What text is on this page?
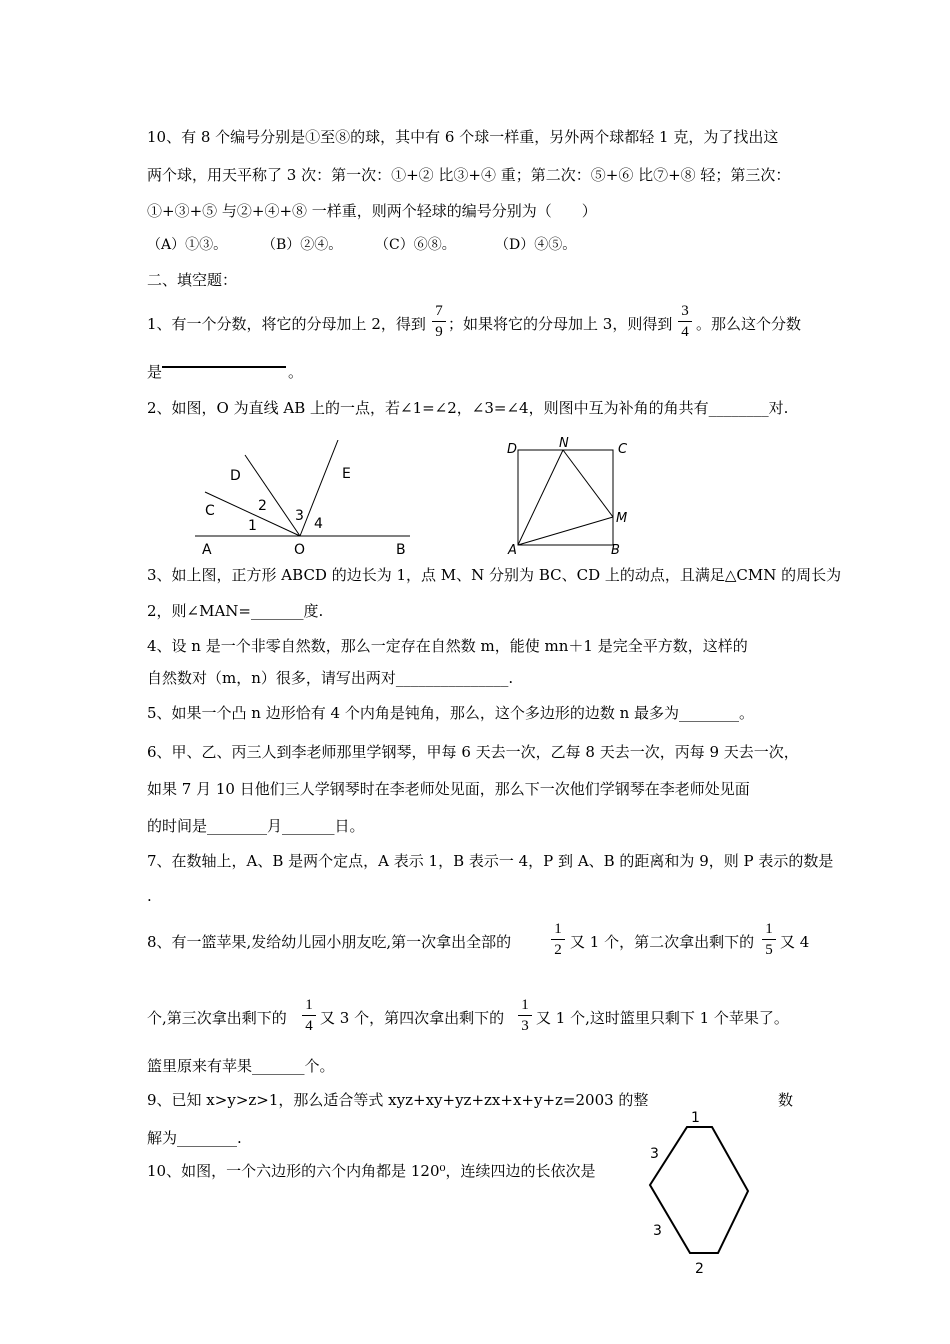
10、有 8 个编号分别是①至⑧的球，其中有 6 个球一样重，另外两个球都轻 1 克，为了找出这
两个球，用天平称了 3 次：第一次：①+② 比③+④ 重；第二次：⑤+⑥ 比⑦+⑧ 轻；第三次：
①+③+⑤ 与②+④+⑧ 一样重，则两个轻球的编号分别为（　　）
（A）①③。 （B）②④。 （C）⑥⑧。	（D）④⑤。
二、填空题：
1、有一个分数，将它的分母加上 2，得到
7
9 ；如果将它的分母加上 3，则得到
3
4 。那么这个分数
是	。
2、如图，O 为直线 AB 上的一点，若∠1=∠2，∠3=∠4，则图中互为补角的角共有________对.
D	E
C	2
3
1	4
A	O	B
D	N	C
M
A	B
3、如上图，正方形 ABCD 的边长为 1，点 M、N 分别为 BC、CD 上的动点，且满足△CMN 的周长为
2，则∠MAN=_______度.
4、设 n 是一个非零自然数，那么一定存在自然数 m，能使 mn＋1 是完全平方数，这样的
自然数对（m，n）很多，请写出两对_______________.
5、如果一个凸 n 边形恰有 4 个内角是钝角，那么，这个多边形的边数 n 最多为________。
6、甲、乙、丙三人到李老师那里学钢琴，甲每 6 天去一次，乙每 8 天去一次，丙每 9 天去一次，
如果 7 月 10 日他们三人学钢琴时在李老师处见面，那么下一次他们学钢琴在李老师处见面
的时间是________月_______日。
7、在数轴上，A、B 是两个定点，A 表示 1，B 表示一 4，P 到 A、B 的距离和为 9，则 P 表示的数是
.
8、有一篮苹果,发给幼儿园小朋友吃,第一次拿出全部的
1
2 又 1 个，第二次拿出剩下的
1
5 又 4
个,第三次拿出剩下的
1
4 又 3 个，第四次拿出剩下的
1
3 又 1 个,这时篮里只剩下 1 个苹果了。
篮里原来有苹果_______个。
9、已知 x>y>z>1，那么适合等式 xyz+xy+yz+zx+x+y+z=2003 的整	数
解为________.
10、如图，一个六边形的六个内角都是 120⁰，连续四边的长依次是
1
3
3
2
